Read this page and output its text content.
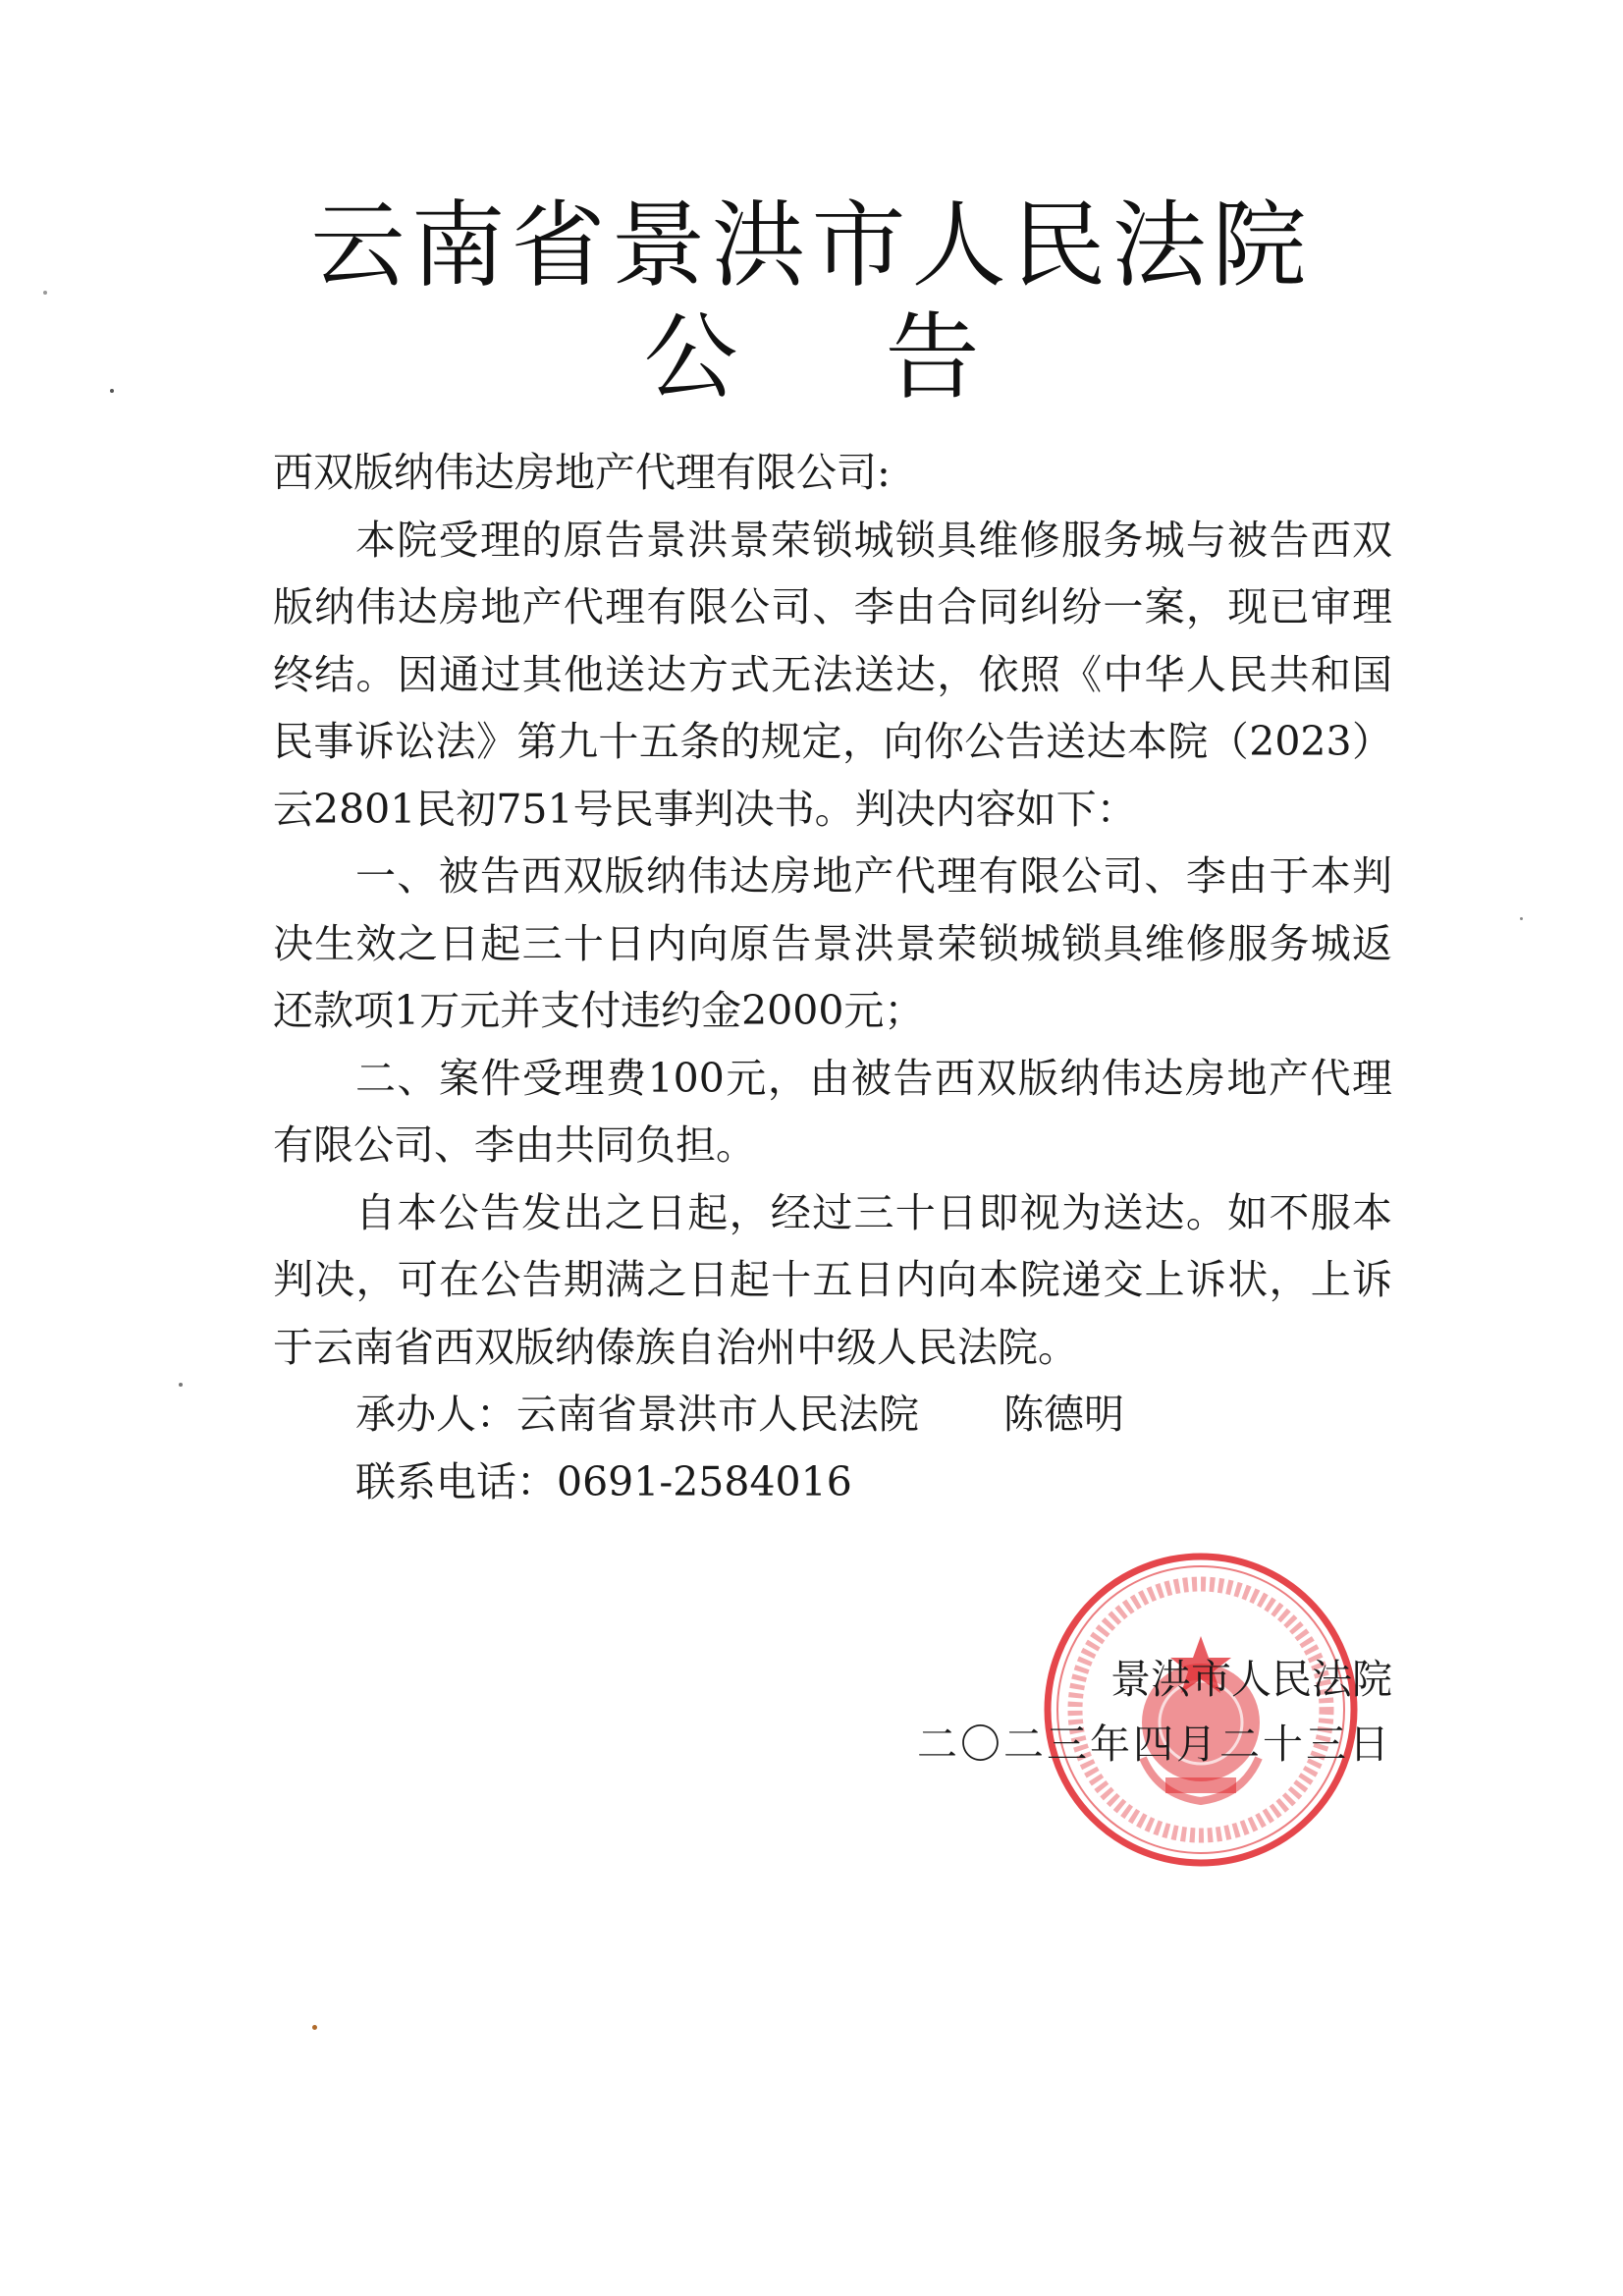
云南省景洪市人民法院
公告

西双版纳伟达房地产代理有限公司:

本院受理的原告景洪景荣锁城锁具维修服务城与被告西双版纳伟达房地产代理有限公司、李由合同纠纷一案，现已审理终结。因通过其他送达方式无法送达，依照《中华人民共和国民事诉讼法》第九十五条的规定，向你公告送达本院（2023）云2801民初751号民事判决书。判决内容如下：

一、被告西双版纳伟达房地产代理有限公司、李由于本判决生效之日起三十日内向原告景洪景荣锁城锁具维修服务城返还款项1万元并支付违约金2000元；

二、案件受理费100元，由被告西双版纳伟达房地产代理有限公司、李由共同负担。

自本公告发出之日起，经过三十日即视为送达。如不服本判决，可在公告期满之日起十五日内向本院递交上诉状，上诉于云南省西双版纳傣族自治州中级人民法院。

承办人：云南省景洪市人民法院 陈德明

联系电话：0691-2584016

景洪市人民法院
二〇二三年四月二十三日
